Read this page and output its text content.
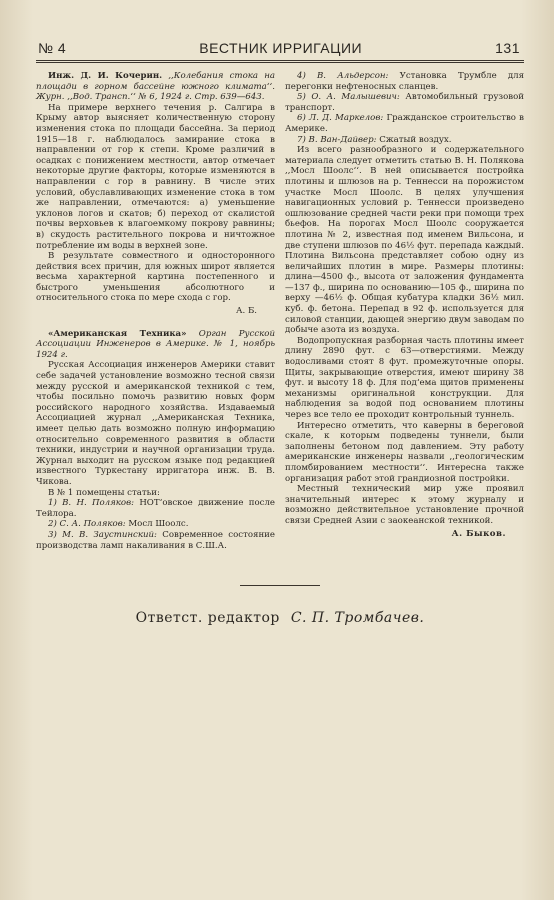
№ 4	ВЕСТНИК ИРРИГАЦИИ	131

Инж. Д. И. Кочерин. ,,Колебания стока на площади в горном бассейне южного климата‘‘. Журн. ,,Вод. Трансп.‘‘ № 6, 1924 г. Стр. 639—643.

На примере верхнего течения р. Салгира в Крыму автор выясняет количественную сторону изменения стока по площади бассейна. За период 1915—18 г. наблюдалось замирание стока в направлении от гор к степи. Кроме различий в осадках с понижением местности, автор отмечает некоторые другие факторы, которые изменяются в направлении с гор в равнину. В числе этих условий, обуславливающих изменение стока в том же направлении, отмечаются: а) уменьшение уклонов логов и скатов; б) переход от скалистой почвы верховьев к влагоемкому покрову равнины; в) скудость растительного покрова и ничтожное потребление им воды в верхней зоне.

В результате совместного и односторонного действия всех причин, для южных широт является весьма характерной картина постепенного и быстрого уменьшения абсолютного и относительного стока по мере схода с гор.

А. Б.

«Американская Техника» Орган Русской Ассоциации Инженеров в Америке. № 1, ноябрь 1924 г.

Русская Ассоциация инженеров Америки ставит себе задачей установление возможно тесной связи между русской и американской техникой с тем, чтобы посильно помочь развитию новых форм российского народного хозяйства. Издаваемый Ассоциацией журнал ,,Американская Техника, имеет целью дать возможно полную информацию относительно современного развития в области техники, индустрии и научной организации труда. Журнал выходит на русском языке под редакцией известного Туркестану ирригатора инж. В. В. Чикова.

В № 1 помещены статьи:

1) В. Н. Поляков: НОТ‘овское движение после Тейлора.

2) С. А. Поляков: Мосл Шоолс.

3) М. В. Заустинский: Современное состояние производства ламп накаливания в С.Ш.А.

4) В. Альдерсон: Установка Трумбле для перегонки нефтеносных сланцев.

5) О. А. Малышевич: Автомобильный грузовой транспорт.

6) Л. Д. Маркелов: Гражданское строительство в Америке.

7) В. Ван-Дайвер: Сжатый воздух.

Из всего разнообразного и содержательного материала следует отметить статью В. Н. Полякова ,,Мосл Шоолс‘‘. В ней описывается постройка плотины и шлюзов на р. Теннесси на порожистом участке Мосл Шоолс. В целях улучшения навигационных условий р. Теннесси произведено ошлюзование средней части реки при помощи трех бьефов. На порогах Мосл Шоолс сооружается плотина № 2, известная под именем Вильсона, и две ступени шлюзов по 46½ фут. перепада каждый. Плотина Вильсона представляет собою одну из величайших плотин в мире. Размеры плотины: длина—4500 ф., высота от заложения фундамента—137 ф., ширина по основанию—105 ф., ширина по верху —46½ ф. Общая кубатура кладки 36½ мил. куб. ф. бетона. Перепад в 92 ф. используется для силовой станции, дающей энергию двум заводам по добыче азота из воздуха.

Водопропускная разборная часть плотины имеет длину 2890 фут. с 63—отверстиями. Между водосливами стоят 8 фут. промежуточные опоры. Щиты, закрывающие отверстия, имеют ширину 38 фут. и высоту 18 ф. Для под‘ема щитов применены механизмы оригинальной конструкции. Для наблюдения за водой под основанием плотины через все тело ее проходит контрольный туннель.

Интересно отметить, что каверны в береговой скале, к которым подведены туннели, были заполнены бетоном под давлением. Эту работу американские инженеры назвали ,,геологическим пломбированием местности‘‘. Интересна также организация работ этой грандиозной постройки.

Местный технический мир уже проявил значительный интерес к этому журналу и возможно действительное установление прочной связи Средней Азии с заокеанской техникой.

А. Быков.
Ответст. редактор С. П. Тромбачев.
